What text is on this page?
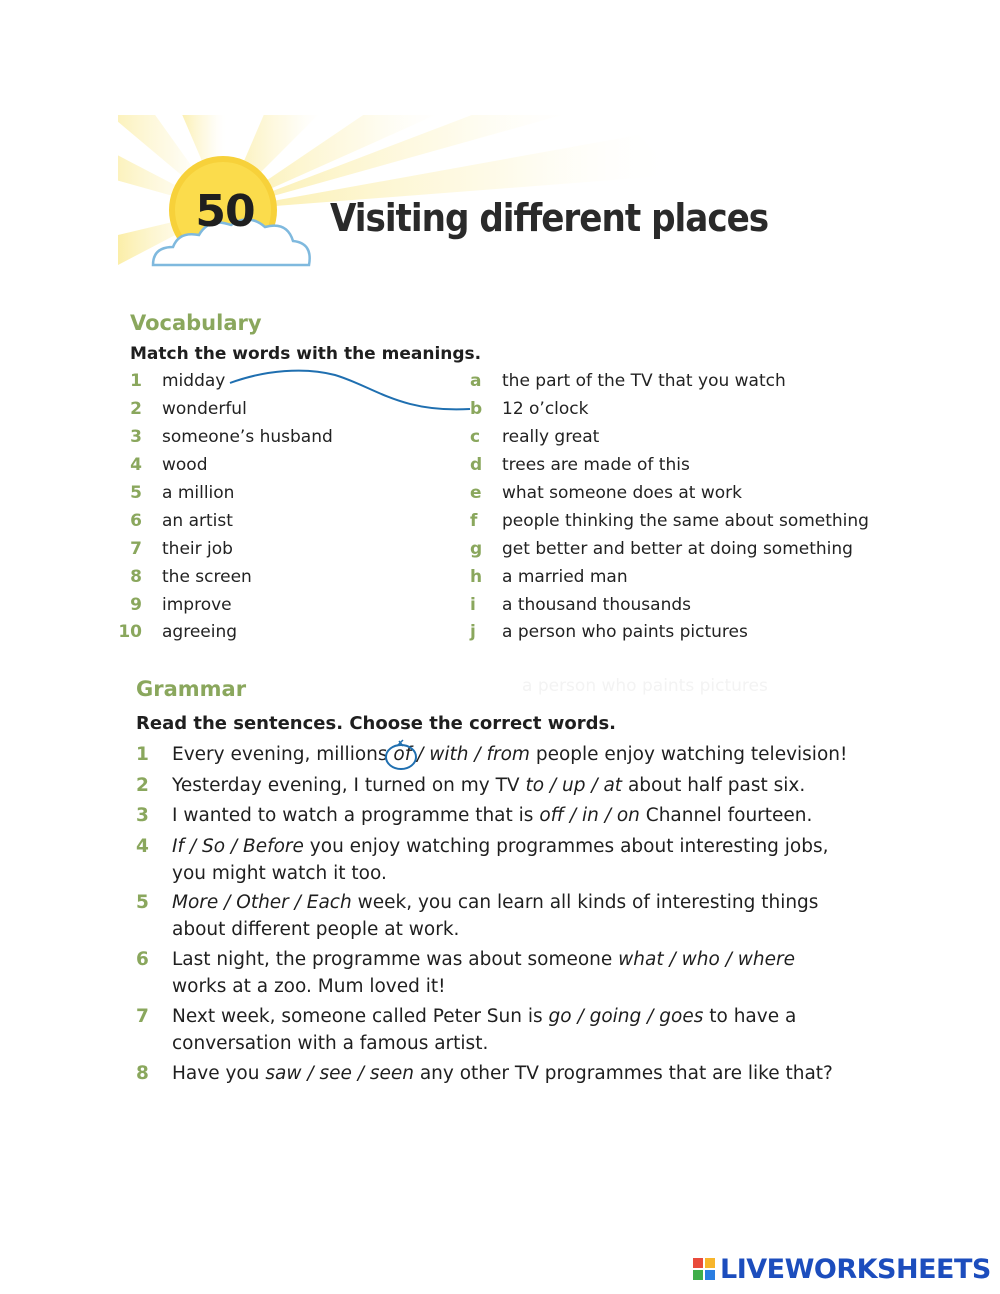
50 Visiting different places
Vocabulary
Match the words with the meanings.
1 midday	a the part of the TV that you watch
2 wonderful	b 12 o’clock
3 someone’s husband	c really great
4 wood	d trees are made of this
5 a million	e what someone does at work
6 an artist	f people thinking the same about something
7 their job	g get better and better at doing something
8 the screen	h a married man
9 improve	i a thousand thousands
10 agreeing	j a person who paints pictures
a person who paints pictures
Grammar
Read the sentences. Choose the correct words.
1 Every evening, millions of / with / from people enjoy watching television!
2 Yesterday evening, I turned on my TV to / up / at about half past six.
3 I wanted to watch a programme that is off / in / on Channel fourteen.
4 If / So / Before you enjoy watching programmes about interesting jobs,
you might watch it too.
5 More / Other / Each week, you can learn all kinds of interesting things
about different people at work.
6 Last night, the programme was about someone what / who / where
works at a zoo. Mum loved it!
7 Next week, someone called Peter Sun is go / going / goes to have a
conversation with a famous artist.
8 Have you saw / see / seen any other TV programmes that are like that?

LIVEWORKSHEETS
